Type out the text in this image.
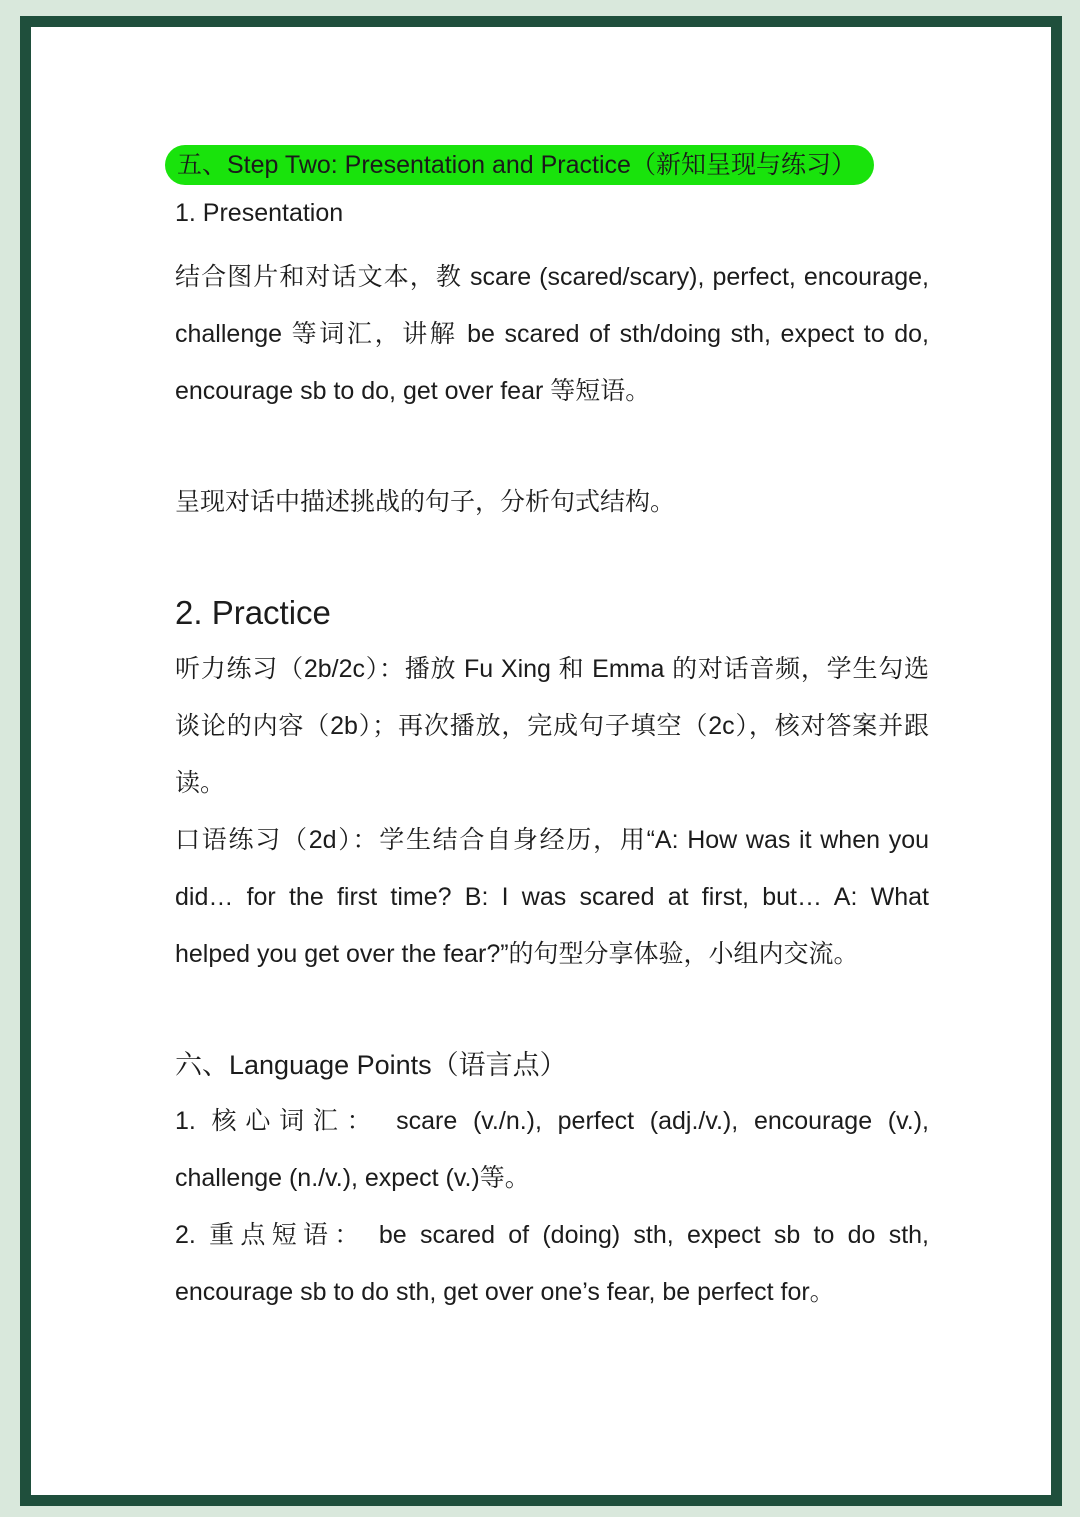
五、Step Two: Presentation and Practice（新知呈现与练习）
1. Presentation

结合图片和对话文本，教 scare (scared/scary), perfect, encourage, challenge 等词汇，讲解 be scared of sth/doing sth, expect to do, encourage sb to do, get over fear 等短语。

呈现对话中描述挑战的句子，分析句式结构。

2. Practice

听力练习（2b/2c）：播放 Fu Xing 和 Emma 的对话音频，学生勾选谈论的内容（2b）；再次播放，完成句子填空（2c），核对答案并跟读。

口语练习（2d）：学生结合自身经历，用“A: How was it when you did… for the first time? B: I was scared at first, but… A: What helped you get over the fear?”的句型分享体验，小组内交流。

六、Language Points（语言点）

1. 核心词汇： scare (v./n.), perfect (adj./v.), encourage (v.), challenge (n./v.), expect (v.)等。

2. 重点短语： be scared of (doing) sth, expect sb to do sth, encourage sb to do sth, get over one’s fear, be perfect for。
